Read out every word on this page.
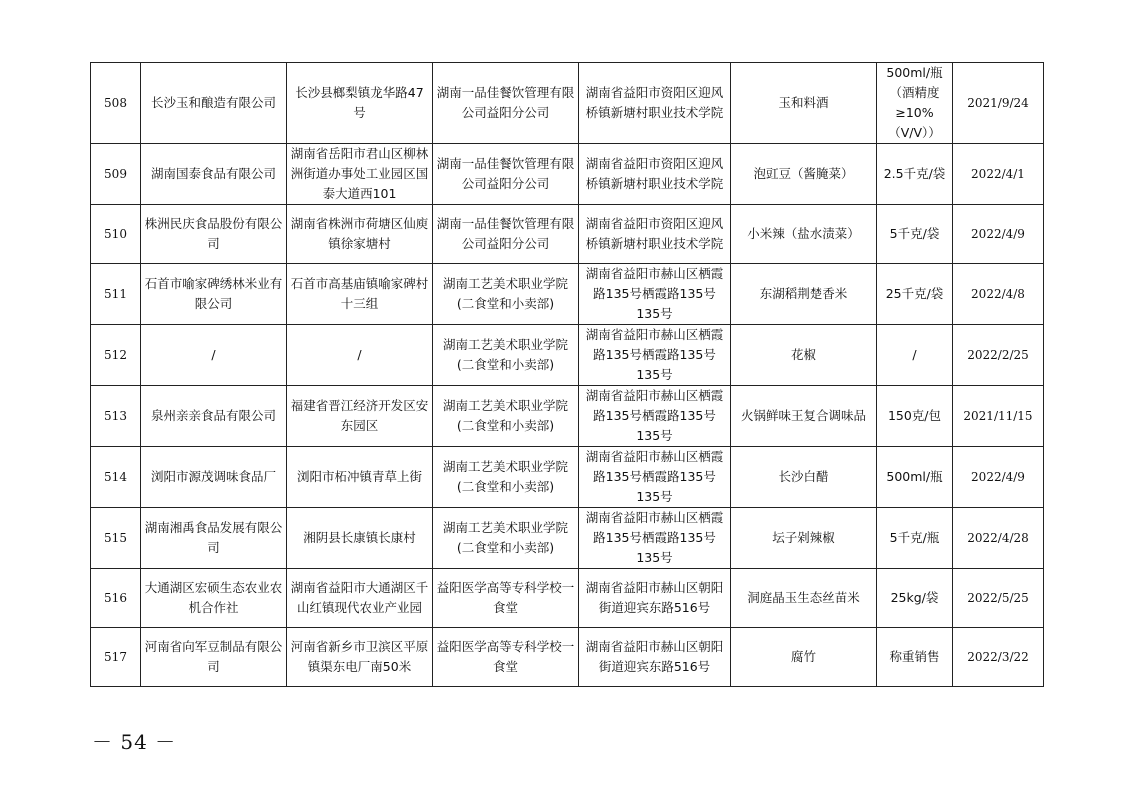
508	长沙玉和酿造有限公司	长沙县榔梨镇龙华路47号	湖南一品佳餐饮管理有限公司益阳分公司	湖南省益阳市资阳区迎风桥镇新塘村职业技术学院	玉和料酒	500ml/瓶（酒精度≥10%（V/V））	2021/9/24
509	湖南国泰食品有限公司	湖南省岳阳市君山区柳林洲街道办事处工业园区国泰大道西101	湖南一品佳餐饮管理有限公司益阳分公司	湖南省益阳市资阳区迎风桥镇新塘村职业技术学院	泡豇豆（酱腌菜）	2.5千克/袋	2022/4/1
510	株洲民庆食品股份有限公司	湖南省株洲市荷塘区仙庾镇徐家塘村	湖南一品佳餐饮管理有限公司益阳分公司	湖南省益阳市资阳区迎风桥镇新塘村职业技术学院	小米辣（盐水渍菜）	5千克/袋	2022/4/9
511	石首市喻家碑绣林米业有限公司	石首市高基庙镇喻家碑村十三组	湖南工艺美术职业学院(二食堂和小卖部)	湖南省益阳市赫山区栖霞路135号栖霞路135号135号	东湖稻荆楚香米	25千克/袋	2022/4/8
512	/	/	湖南工艺美术职业学院(二食堂和小卖部)	湖南省益阳市赫山区栖霞路135号栖霞路135号135号	花椒	/	2022/2/25
513	泉州亲亲食品有限公司	福建省晋江经济开发区安东园区	湖南工艺美术职业学院(二食堂和小卖部)	湖南省益阳市赫山区栖霞路135号栖霞路135号135号	火锅鲜味王复合调味品	150克/包	2021/11/15
514	浏阳市源茂调味食品厂	浏阳市柘冲镇青草上街	湖南工艺美术职业学院(二食堂和小卖部)	湖南省益阳市赫山区栖霞路135号栖霞路135号135号	长沙白醋	500ml/瓶	2022/4/9
515	湖南湘禹食品发展有限公司	湘阴县长康镇长康村	湖南工艺美术职业学院(二食堂和小卖部)	湖南省益阳市赫山区栖霞路135号栖霞路135号135号	坛子剁辣椒	5千克/瓶	2022/4/28
516	大通湖区宏硕生态农业农机合作社	湖南省益阳市大通湖区千山红镇现代农业产业园	益阳医学高等专科学校一食堂	湖南省益阳市赫山区朝阳街道迎宾东路516号	洞庭晶玉生态丝苗米	25kg/袋	2022/5/25
517	河南省向军豆制品有限公司	河南省新乡市卫滨区平原镇渠东电厂南50米	益阳医学高等专科学校一食堂	湖南省益阳市赫山区朝阳街道迎宾东路516号	腐竹	称重销售	2022/3/22
－ 54 －
